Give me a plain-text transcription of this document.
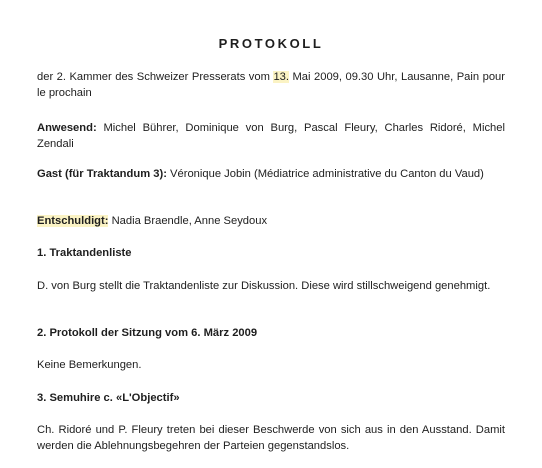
PROTOKOLL

der 2. Kammer des Schweizer Presserats vom 13. Mai 2009, 09.30 Uhr, Lausanne, Pain pour le prochain

Anwesend: Michel Bührer, Dominique von Burg, Pascal Fleury, Charles Ridoré, Michel Zendali

Gast (für Traktandum 3): Véronique Jobin (Médiatrice administrative du Canton du Vaud)

Entschuldigt: Nadia Braendle, Anne Seydoux

1. Traktandenliste

D. von Burg stellt die Traktandenliste zur Diskussion. Diese wird stillschweigend genehmigt.

2. Protokoll der Sitzung vom 6. März 2009

Keine Bemerkungen.

3. Semuhire c. «L'Objectif»

Ch. Ridoré und P. Fleury treten bei dieser Beschwerde von sich aus in den Ausstand. Damit werden die Ablehnungsbegehren der Parteien gegenstandslos.
